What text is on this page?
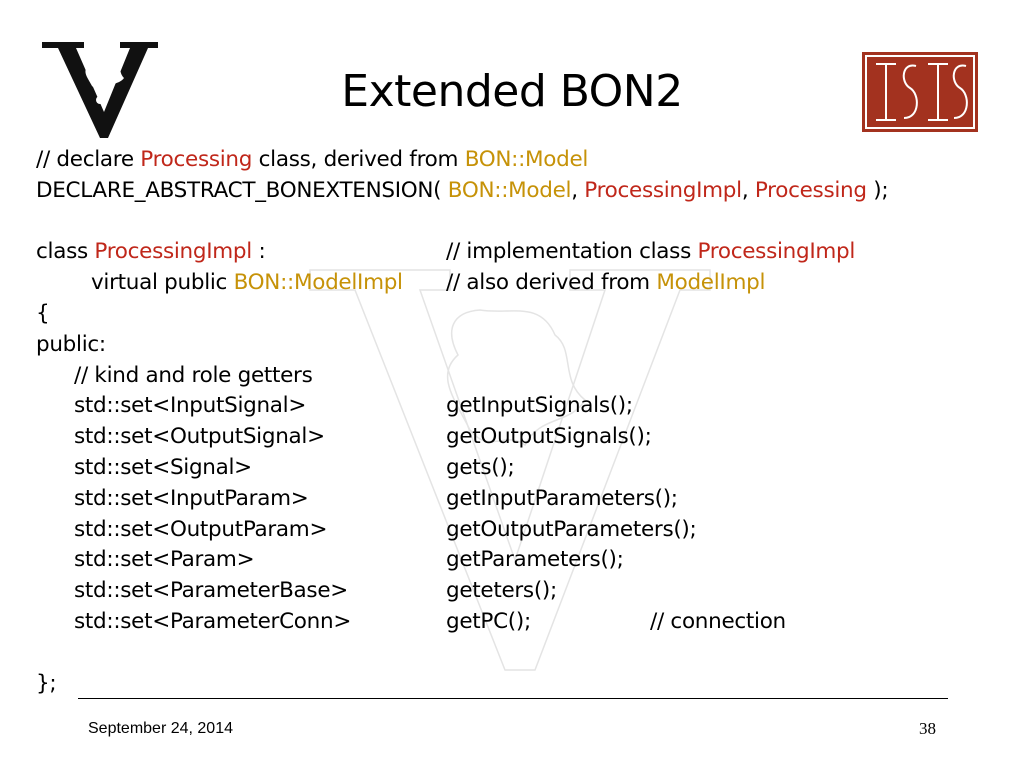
Extended BON2
// declare Processing class, derived from BON::Model
DECLARE_ABSTRACT_BONEXTENSION( BON::Model, ProcessingImpl, Processing );
class ProcessingImpl :	// implementation class ProcessingImpl
virtual public BON::ModelImpl // also derived from ModelImpl
{
public:
// kind and role getters
std::set<InputSignal>	getInputSignals();
std::set<OutputSignal>	getOutputSignals();
std::set<Signal>	gets();
std::set<InputParam>	getInputParameters();
std::set<OutputParam>	getOutputParameters();
std::set<Param>	getParameters();
std::set<ParameterBase>	geteters();
std::set<ParameterConn>	getPC();	// connection
};
September 24, 2014	38
